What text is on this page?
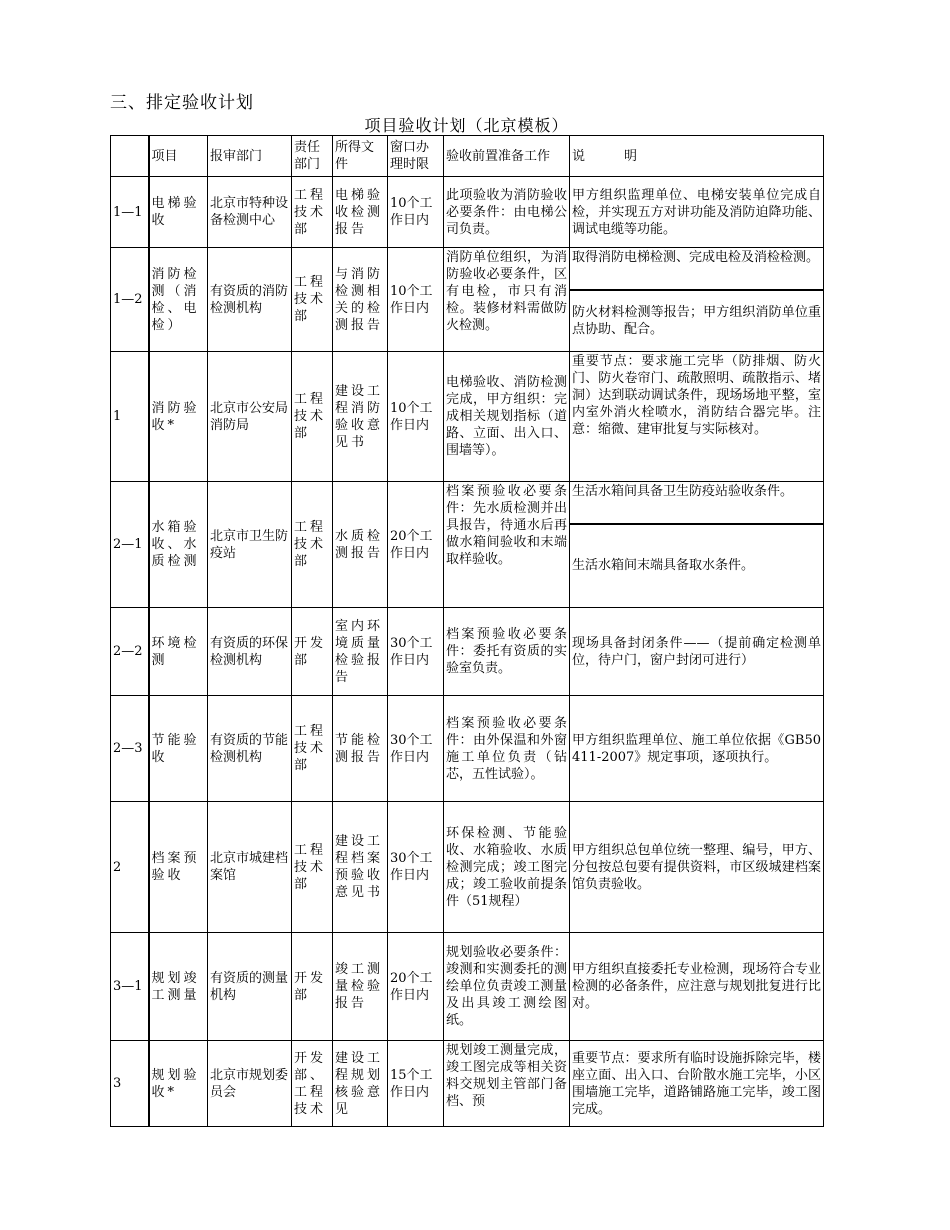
三、排定验收计划
项目验收计划（北京模板）
	项目	报审部门	责任部门	所得文件	窗口办理时限	验收前置准备工作	说　　　明
1—1	电梯验收	北京市特种设备检测中心	工程技术部	电梯验收检测报告	10个工作日内	此项验收为消防验收必要条件：由电梯公司负责。	甲方组织监理单位、电梯安装单位完成自检，并实现五方对讲功能及消防迫降功能、调试电缆等功能。
1—2	消防检测（消检、电检）	有资质的消防检测机构	工程技术部	与消防检测相关的检测报告	10个工作日内	消防单位组织，为消防验收必要条件，区有电检，市只有消检。装修材料需做防火检测。	取得消防电梯检测、完成电检及消检检测。
							防火材料检测等报告；甲方组织消防单位重点协助、配合。
1	消防验收*	北京市公安局消防局	工程技术部	建设工程消防验收意见书	10个工作日内	电梯验收、消防检测完成，甲方组织：完成相关规划指标（道路、立面、出入口、围墙等）。	重要节点：要求施工完毕（防排烟、防火门、防火卷帘门、疏散照明、疏散指示、堵洞）达到联动调试条件，现场场地平整，室内室外消火栓喷水，消防结合器完毕。注意：缩微、建审批复与实际核对。
2—1	水箱验收、水质检测	北京市卫生防疫站	工程技术部	水质检测报告	20个工作日内	档案预验收必要条件：先水质检测并出具报告，待通水后再做水箱间验收和末端取样验收。	生活水箱间具备卫生防疫站验收条件。
							生活水箱间末端具备取水条件。
2—2	环境检测	有资质的环保检测机构	开发部	室内环境质量检验报告	30个工作日内	档案预验收必要条件：委托有资质的实验室负责。	现场具备封闭条件——（提前确定检测单位，待户门，窗户封闭可进行）
2—3	节能验收	有资质的节能检测机构	工程技术部	节能检测报告	30个工作日内	档案预验收必要条件：由外保温和外窗施工单位负责（钻芯，五性试验）。	甲方组织监理单位、施工单位依据《GB50411-2007》规定事项，逐项执行。
2	档案预验收	北京市城建档案馆	工程技术部	建设工程档案预验收意见书	30个工作日内	环保检测、节能验收、水箱验收、水质检测完成；竣工图完成；竣工验收前提条件（51规程）	甲方组织总包单位统一整理、编号，甲方、分包按总包要有提供资料，市区级城建档案馆负责验收。
3—1	规划竣工测量	有资质的测量机构	开发部	竣工测量检验报告	20个工作日内	规划验收必要条件：竣测和实测委托的测绘单位负责竣工测量及出具竣工测绘图纸。	甲方组织直接委托专业检测，现场符合专业检测的必备条件，应注意与规划批复进行比对。
3	规划验收*	北京市规划委员会	开发部、工程技术	建设工程规划核验意见	15个工作日内	规划竣工测量完成，竣工图完成等相关资料交规划主管部门备档、预	重要节点：要求所有临时设施拆除完毕，楼座立面、出入口、台阶散水施工完毕，小区围墙施工完毕，道路铺路施工完毕，竣工图完成。
